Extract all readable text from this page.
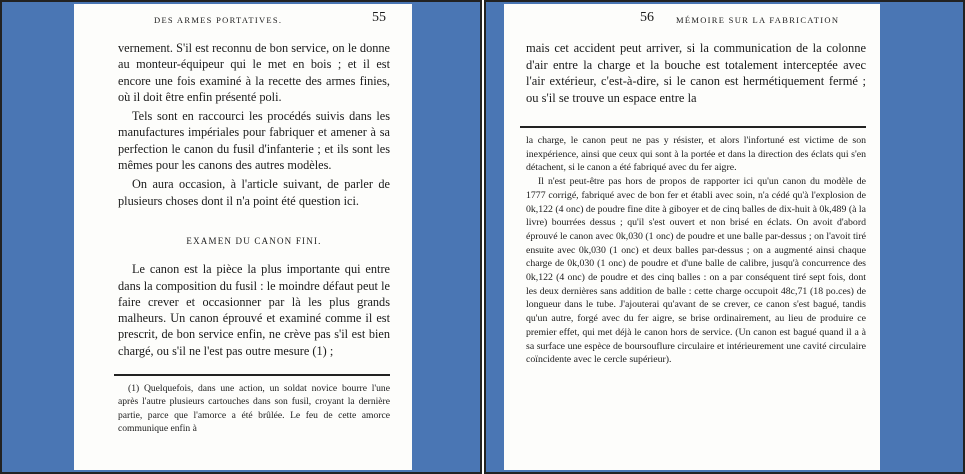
DES ARMES PORTATIVES.	55

vernement. S'il est reconnu de bon service, on le donne au monteur-équipeur qui le met en bois ; et il est encore une fois examiné à la recette des armes finies, où il doit être enfin présenté poli.

Tels sont en raccourci les procédés suivis dans les manufactures impériales pour fabriquer et amener à sa perfection le canon du fusil d'infanterie ; et ils sont les mêmes pour les canons des autres modèles.

On aura occasion, à l'article suivant, de parler de plusieurs choses dont il n'a point été question ici.

EXAMEN DU CANON FINI.

Le canon est la pièce la plus importante qui entre dans la composition du fusil : le moindre défaut peut le faire crever et occasionner par là les plus grands malheurs. Un canon éprouvé et examiné comme il est prescrit, de bon service enfin, ne crève pas s'il est bien chargé, ou s'il ne l'est pas outre mesure (1) ;

(1) Quelquefois, dans une action, un soldat novice bourre l'une après l'autre plusieurs cartouches dans son fusil, croyant la dernière partie, parce que l'amorce a été brûlée. Le feu de cette amorce communique enfin à

56	MÉMOIRE SUR LA FABRICATION

mais cet accident peut arriver, si la communication de la colonne d'air entre la charge et la bouche est totalement interceptée avec l'air extérieur, c'est-à-dire, si le canon est hermétiquement fermé ; ou s'il se trouve un espace entre la

la charge, le canon peut ne pas y résister, et alors l'infortuné est victime de son inexpérience, ainsi que ceux qui sont à la portée et dans la direction des éclats qui s'en détachent, si le canon a été fabriqué avec du fer aigre.

Il n'est peut-être pas hors de propos de rapporter ici qu'un canon du modèle de 1777 corrigé, fabriqué avec de bon fer et établi avec soin, n'a cédé qu'à l'explosion de 0k,122 (4 onc) de poudre fine dite à giboyer et de cinq balles de dix-huit à 0k,489 (à la livre) bourrées dessus ; qu'il s'est ouvert et non brisé en éclats. On avoit d'abord éprouvé le canon avec 0k,030 (1 onc) de poudre et une balle par-dessus ; on l'avoit tiré ensuite avec 0k,030 (1 onc) et deux balles par-dessus ; on a augmenté ainsi chaque charge de 0k,030 (1 onc) de poudre et d'une balle de calibre, jusqu'à concurrence des 0k,122 (4 onc) de poudre et des cinq balles : on a par conséquent tiré sept fois, dont les deux dernières sans addition de balle : cette charge occupoit 48c,71 (18 po.ces) de longueur dans le tube. J'ajouterai qu'avant de se crever, ce canon s'est bagué, tandis qu'un autre, forgé avec du fer aigre, se brise ordinairement, au lieu de produire ce premier effet, qui met déjà le canon hors de service. (Un canon est bagué quand il a à sa surface une espèce de boursouflure circulaire et intérieurement une cavité circulaire coïncidente avec le cercle supérieur).
